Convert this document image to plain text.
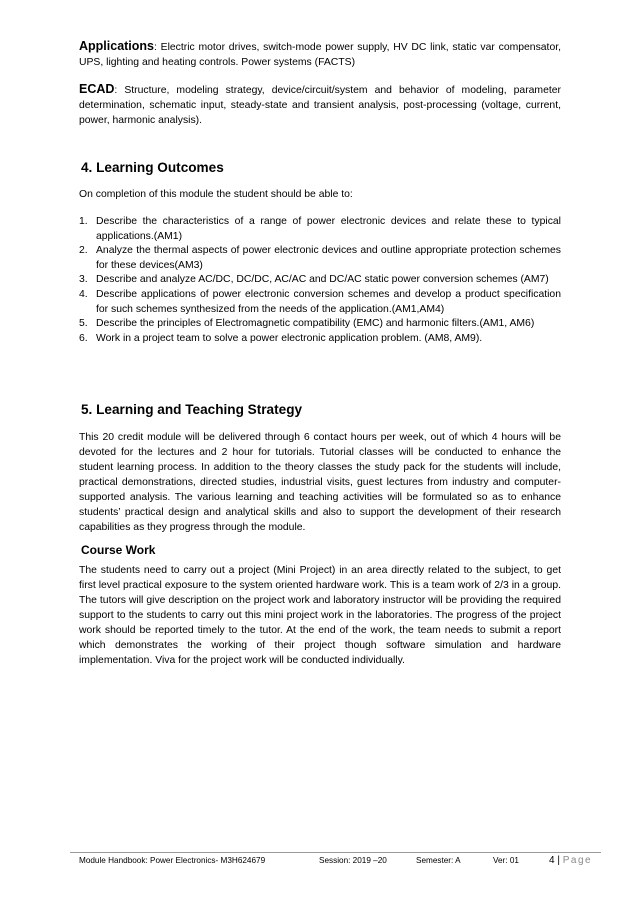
Applications: Electric motor drives, switch-mode power supply, HV DC link, static var compensator, UPS, lighting and heating controls. Power systems (FACTS)
ECAD: Structure, modeling strategy, device/circuit/system and behavior of modeling, parameter determination, schematic input, steady-state and transient analysis, post-processing (voltage, current, power, harmonic analysis).
4. Learning Outcomes
On completion of this module the student should be able to:
1. Describe the characteristics of a range of power electronic devices and relate these to typical applications.(AM1)
2. Analyze the thermal aspects of power electronic devices and outline appropriate protection schemes for these devices(AM3)
3. Describe and analyze AC/DC, DC/DC, AC/AC and DC/AC static power conversion schemes (AM7)
4. Describe applications of power electronic conversion schemes and develop a product specification for such schemes synthesized from the needs of the application.(AM1,AM4)
5. Describe the principles of Electromagnetic compatibility (EMC) and harmonic filters.(AM1, AM6)
6. Work in a project team to solve a power electronic application problem. (AM8, AM9).
5. Learning and Teaching Strategy
This 20 credit module will be delivered through 6 contact hours per week, out of which 4 hours will be devoted for the lectures and 2 hour for tutorials. Tutorial classes will be conducted to enhance the student learning process. In addition to the theory classes the study pack for the students will include, practical demonstrations, directed studies, industrial visits, guest lectures from industry and computer- supported analysis. The various learning and teaching activities will be formulated so as to enhance students’ practical design and analytical skills and also to support the development of their research capabilities as they progress through the module.
Course Work
The students need to carry out a project (Mini Project) in an area directly related to the subject, to get first level practical exposure to the system oriented hardware work. This is a team work of 2/3 in a group. The tutors will give description on the project work and laboratory instructor will be providing the required support to the students to carry out this mini project work in the laboratories. The progress of the project work should be reported timely to the tutor. At the end of the work, the team needs to submit a report which demonstrates the working of their project though software simulation and hardware implementation. Viva for the project work will be conducted individually.
Module Handbook: Power Electronics- M3H624679	Session: 2019 –20	Semester: A	Ver: 01	4 | Page
